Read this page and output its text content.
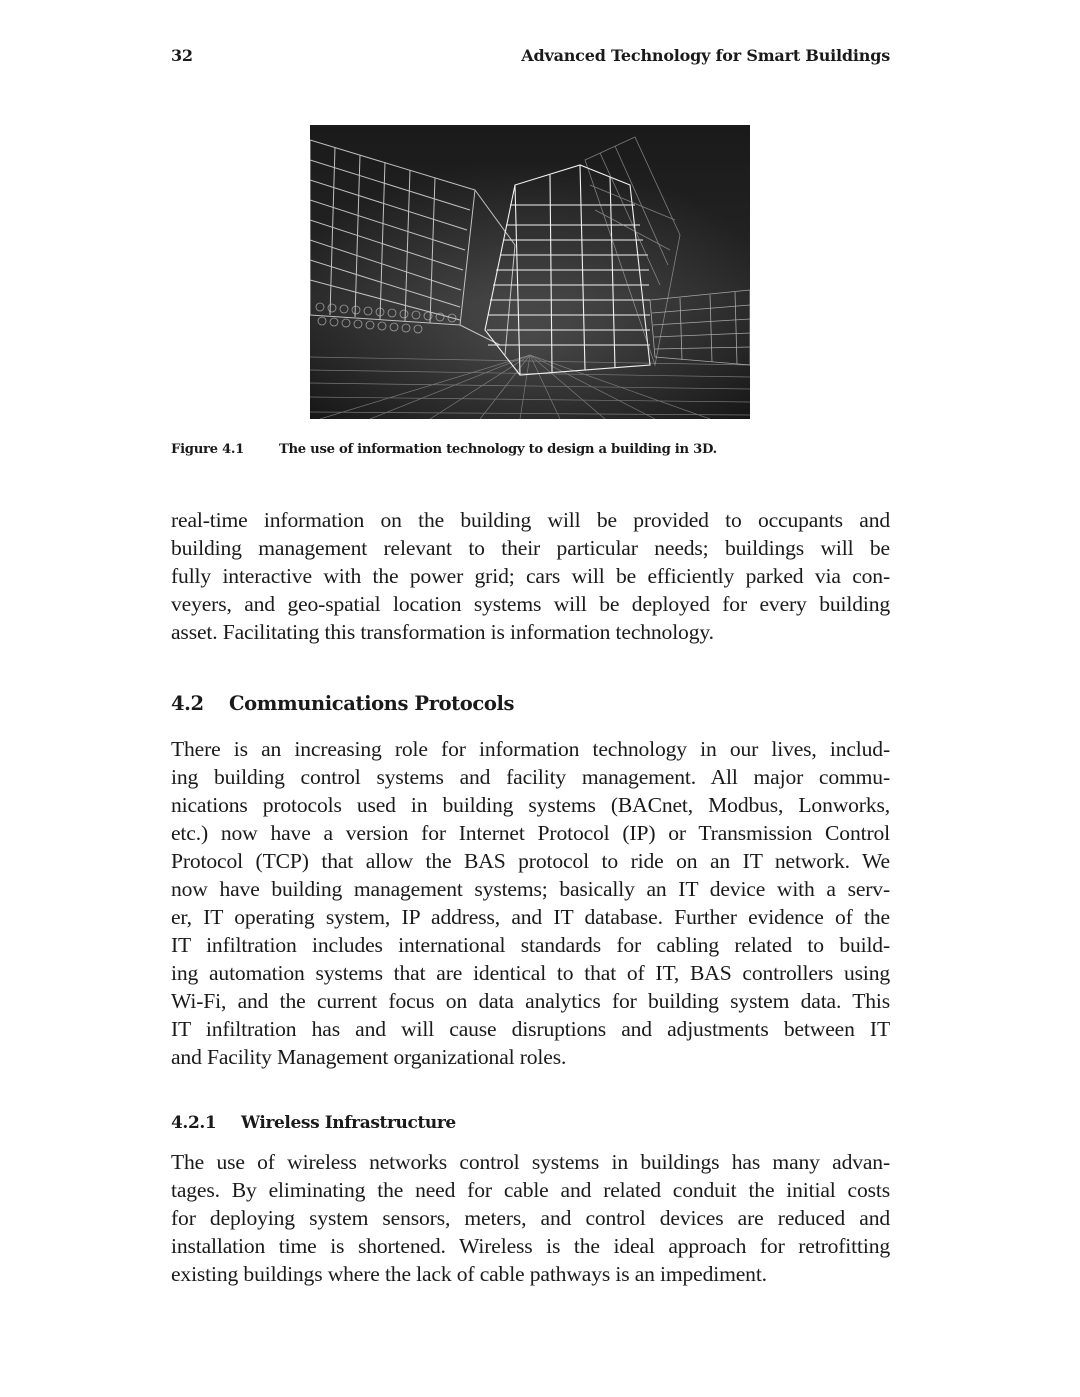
32	Advanced Technology for Smart Buildings
Figure 4.1	The use of information technology to design a building in 3D.
real-time information on the building will be provided to occupants and
building management relevant to their particular needs; buildings will be
fully interactive with the power grid; cars will be efficiently parked via con-
veyers, and geo-spatial location systems will be deployed for every building
asset. Facilitating this transformation is information technology.
4.2 Communications Protocols
There is an increasing role for information technology in our lives, includ-
ing building control systems and facility management. All major commu-
nications protocols used in building systems (BACnet, Modbus, Lonworks,
etc.) now have a version for Internet Protocol (IP) or Transmission Control
Protocol (TCP) that allow the BAS protocol to ride on an IT network. We
now have building management systems; basically an IT device with a serv-
er, IT operating system, IP address, and IT database. Further evidence of the
IT infiltration includes international standards for cabling related to build-
ing automation systems that are identical to that of IT, BAS controllers using
Wi-Fi, and the current focus on data analytics for building system data. This
IT infiltration has and will cause disruptions and adjustments between IT
and Facility Management organizational roles.
4.2.1 Wireless Infrastructure
The use of wireless networks control systems in buildings has many advan-
tages. By eliminating the need for cable and related conduit the initial costs
for deploying system sensors, meters, and control devices are reduced and
installation time is shortened. Wireless is the ideal approach for retrofitting
existing buildings where the lack of cable pathways is an impediment.
